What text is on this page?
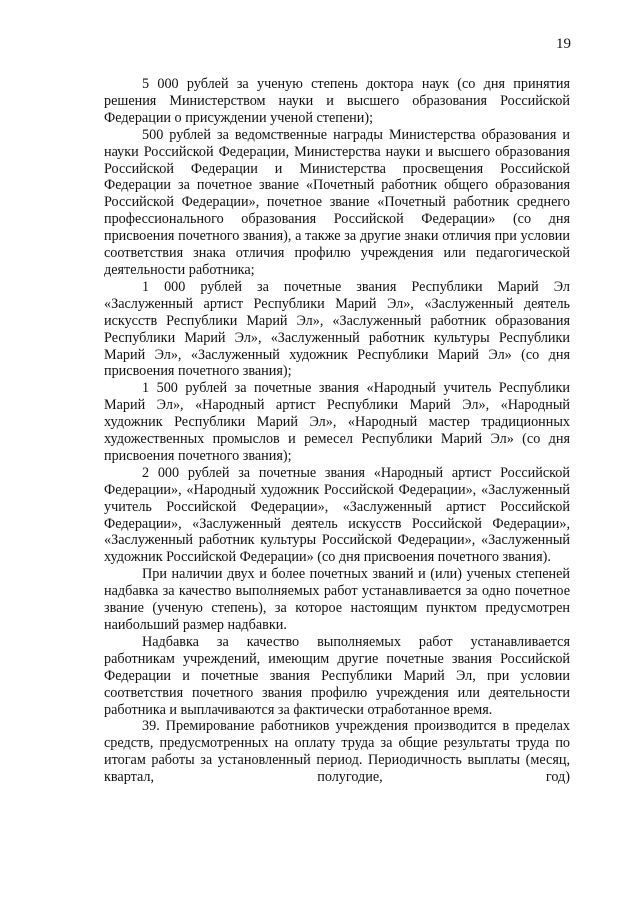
19

5 000 рублей за ученую степень доктора наук (со дня принятия решения Министерством науки и высшего образования Российской Федерации о присуждении ученой степени);

500 рублей за ведомственные награды Министерства образования и науки Российской Федерации, Министерства науки и высшего образования Российской Федерации и Министерства просвещения Российской Федерации за почетное звание «Почетный работник общего образования Российской Федерации», почетное звание «Почетный работник среднего профессионального образования Российской Федерации» (со дня присвоения почетного звания), а также за другие знаки отличия при условии соответствия знака отличия профилю учреждения или педагогической деятельности работника;

1 000 рублей за почетные звания Республики Марий Эл «Заслуженный артист Республики Марий Эл», «Заслуженный деятель искусств Республики Марий Эл», «Заслуженный работник образования Республики Марий Эл», «Заслуженный работник культуры Республики Марий Эл», «Заслуженный художник Республики Марий Эл» (со дня присвоения почетного звания);

1 500 рублей за почетные звания «Народный учитель Республики Марий Эл», «Народный артист Республики Марий Эл», «Народный художник Республики Марий Эл», «Народный мастер традиционных художественных промыслов и ремесел Республики Марий Эл» (со дня присвоения почетного звания);

2 000 рублей за почетные звания «Народный артист Российской Федерации», «Народный художник Российской Федерации», «Заслуженный учитель Российской Федерации», «Заслуженный артист Российской Федерации», «Заслуженный деятель искусств Российской Федерации», «Заслуженный работник культуры Российской Федерации», «Заслуженный художник Российской Федерации» (со дня присвоения почетного звания).

При наличии двух и более почетных званий и (или) ученых степеней надбавка за качество выполняемых работ устанавливается за одно почетное звание (ученую степень), за которое настоящим пунктом предусмотрен наибольший размер надбавки.

Надбавка за качество выполняемых работ устанавливается работникам учреждений, имеющим другие почетные звания Российской Федерации и почетные звания Республики Марий Эл, при условии соответствия почетного звания профилю учреждения или деятельности работника и выплачиваются за фактически отработанное время.

39. Премирование работников учреждения производится в пределах средств, предусмотренных на оплату труда за общие результаты труда по итогам работы за установленный период. Периодичность выплаты (месяц, квартал, полугодие, год)
